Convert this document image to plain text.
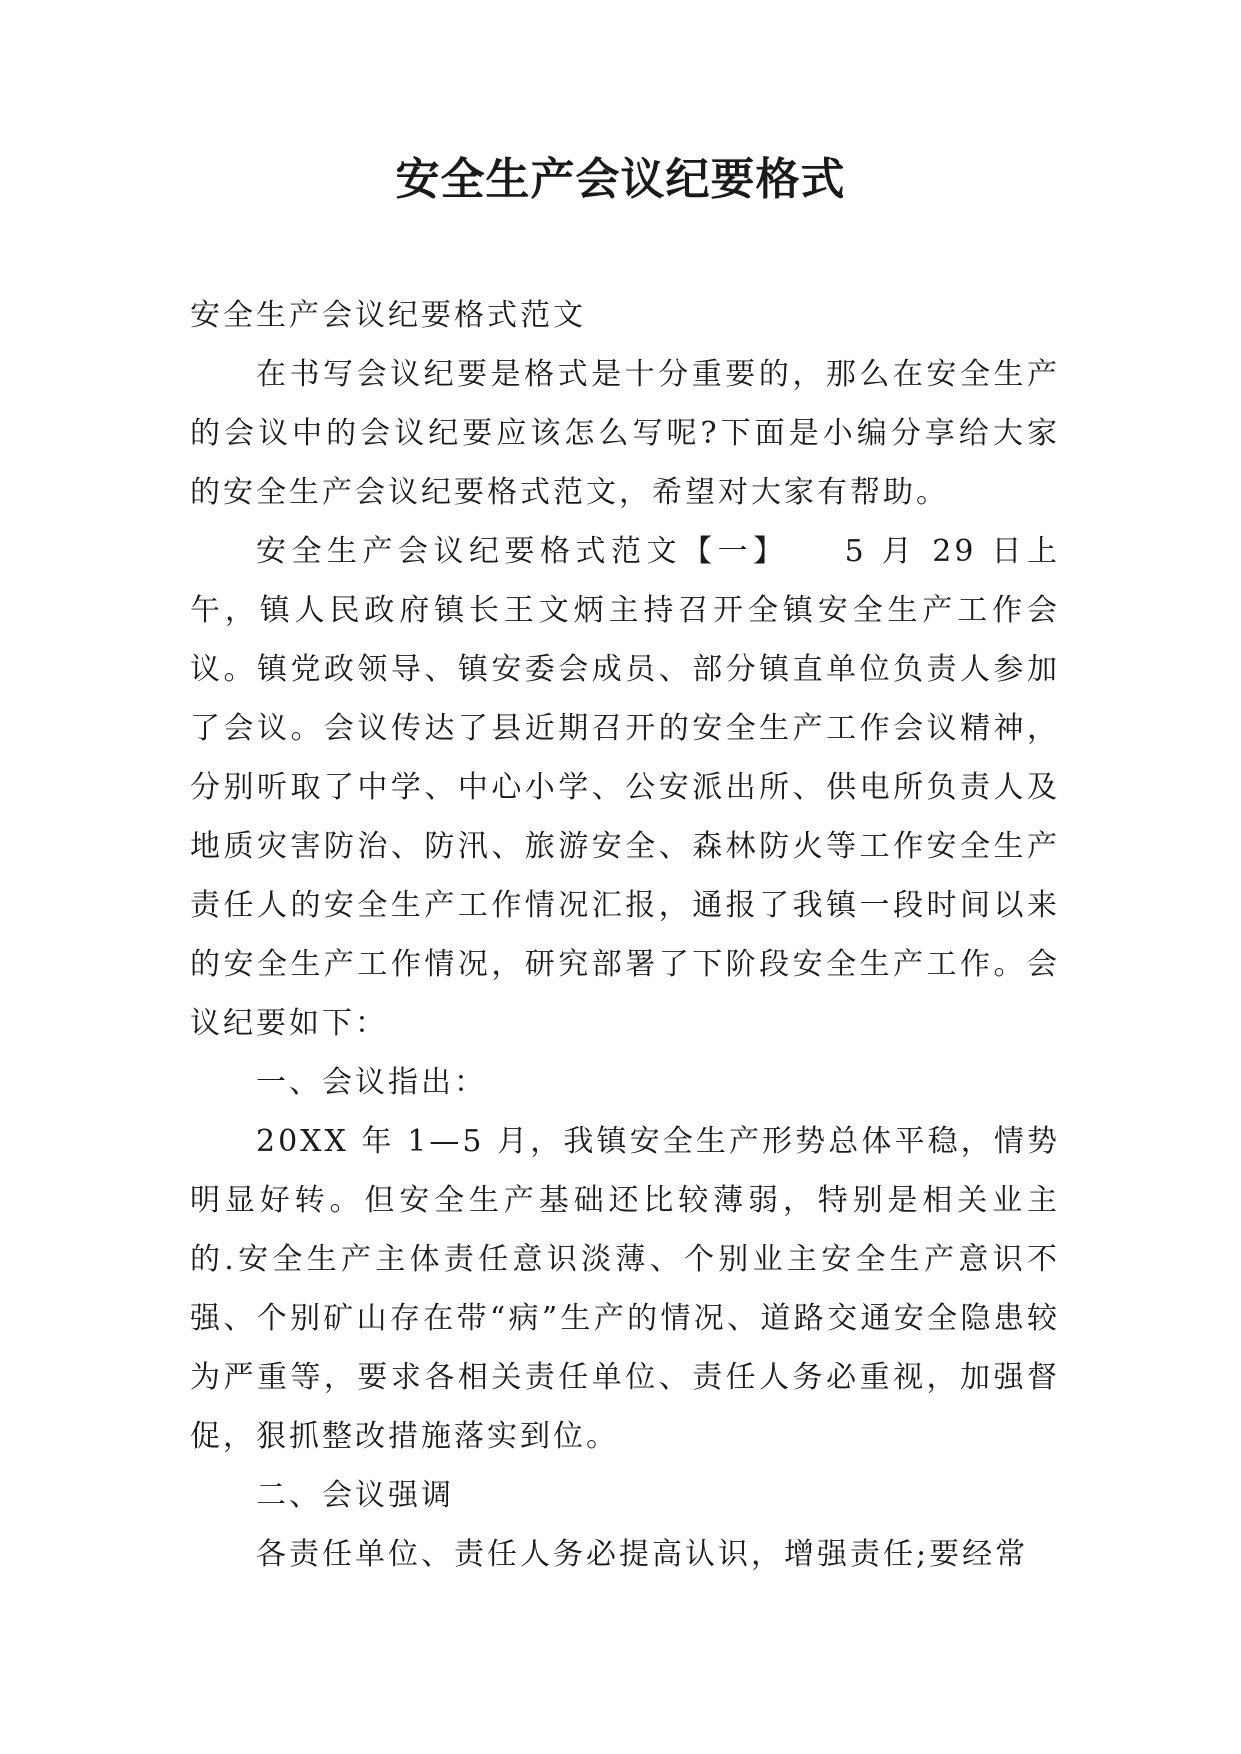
安全生产会议纪要格式

安全生产会议纪要格式范文

在书写会议纪要是格式是十分重要的，那么在安全生产的会议中的会议纪要应该怎么写呢?下面是小编分享给大家的安全生产会议纪要格式范文，希望对大家有帮助。

安全生产会议纪要格式范文【一】　　5 月 29 日上午，镇人民政府镇长王文炳主持召开全镇安全生产工作会议。镇党政领导、镇安委会成员、部分镇直单位负责人参加了会议。会议传达了县近期召开的安全生产工作会议精神，分别听取了中学、中心小学、公安派出所、供电所负责人及地质灾害防治、防汛、旅游安全、森林防火等工作安全生产责任人的安全生产工作情况汇报，通报了我镇一段时间以来的安全生产工作情况，研究部署了下阶段安全生产工作。会议纪要如下：

一、会议指出：

20XX 年 1—5 月，我镇安全生产形势总体平稳，情势明显好转。但安全生产基础还比较薄弱，特别是相关业主的.安全生产主体责任意识淡薄、个别业主安全生产意识不强、个别矿山存在带“病”生产的情况、道路交通安全隐患较为严重等，要求各相关责任单位、责任人务必重视，加强督促，狠抓整改措施落实到位。

二、会议强调

各责任单位、责任人务必提高认识，增强责任;要经常
